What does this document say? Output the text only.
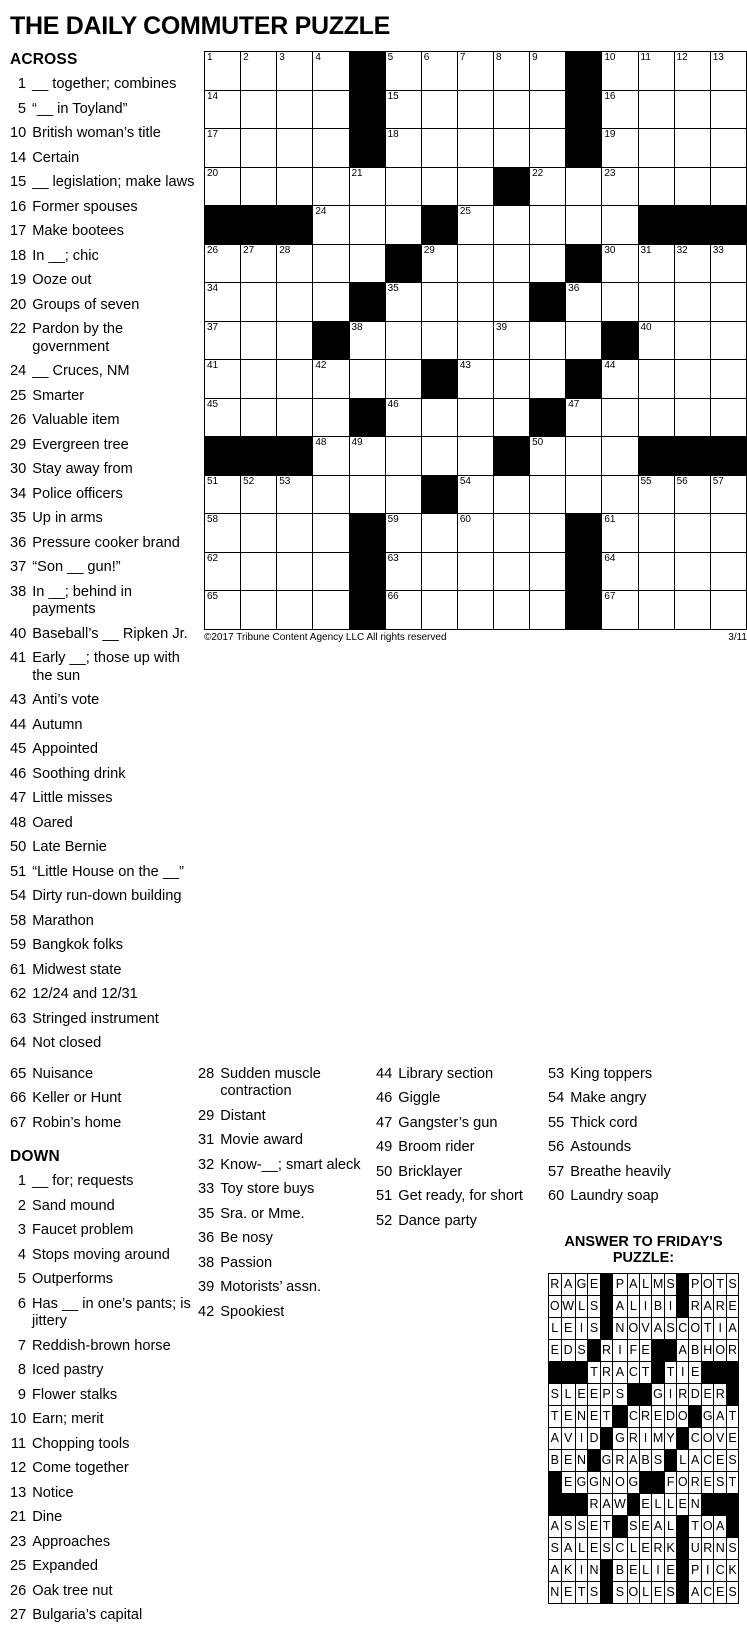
THE DAILY COMMUTER PUZZLE
ACROSS
1 __ together; combines
5 “__ in Toyland”
10 British woman’s title
14 Certain
15 __ legislation; make laws
16 Former spouses
17 Make bootees
18 In __; chic
19 Ooze out
20 Groups of seven
22 Pardon by the government
24 __ Cruces, NM
25 Smarter
26 Valuable item
29 Evergreen tree
30 Stay away from
34 Police officers
35 Up in arms
36 Pressure cooker brand
37 “Son __ gun!”
38 In __; behind in payments
40 Baseball’s __ Ripken Jr.
41 Early __; those up with the sun
43 Anti’s vote
44 Autumn
45 Appointed
46 Soothing drink
47 Little misses
48 Oared
50 Late Bernie
51 “Little House on the __”
54 Dirty run-down building
58 Marathon
59 Bangkok folks
61 Midwest state
62 12/24 and 12/31
63 Stringed instrument
64 Not closed
1	2	3	4		5	6	7	8	9		10	11	12	13

14					15						16			

17					18						19			

20				21					22		23			

			24				25							

26	27	28				29					30	31	32	33

34					35					36				

37				38				39				40		

41			42				43				44			

45					46					47				

			48	49					50					

51	52	53					54					55	56	57

58					59		60				61			

62					63						64			

65					66						67			

©2017 Tribune Content Agency LLC All rights reserved	3/11
65 Nuisance
66 Keller or Hunt
67 Robin’s home
DOWN
1 __ for; requests
2 Sand mound
3 Faucet problem
4 Stops moving around
5 Outperforms
6 Has __ in one’s pants; is jittery
7 Reddish-brown horse
8 Iced pastry
9 Flower stalks
10 Earn; merit
11 Chopping tools
12 Come together
13 Notice
21 Dine
23 Approaches
25 Expanded
26 Oak tree nut
27 Bulgaria’s capital
28 Sudden muscle contraction
29 Distant
31 Movie award
32 Know-__; smart aleck
33 Toy store buys
35 Sra. or Mme.
36 Be nosy
38 Passion
39 Motorists’ assn.
42 Spookiest
44 Library section
46 Giggle
47 Gangster’s gun
49 Broom rider
50 Bricklayer
51 Get ready, for short
52 Dance party
53 King toppers
54 Make angry
55 Thick cord
56 Astounds
57 Breathe heavily
60 Laundry soap
ANSWER TO FRIDAY'S PUZZLE:
R	A	G	E		P	A	L	M	S		P	O	T	S
O	W	L	S		A	L	I	B	I		R	A	R	E
L	E	I	S		N	O	V	A	S	C	O	T	I	A
E	D	S		R	I	F	E			A	B	H	O	R
			T	R	A	C	T		T	I	E			
S	L	E	E	P	S			G	I	R	D	E	R	
T	E	N	E	T		C	R	E	D	O		G	A	T
A	V	I	D		G	R	I	M	Y		C	O	V	E
B	E	N		G	R	A	B	S		L	A	C	E	S
	E	G	G	N	O	G			F	O	R	E	S	T
			R	A	W		E	L	L	E	N			
A	S	S	E	T		S	E	A	L		T	O	A	
S	A	L	E	S	C	L	E	R	K		U	R	N	S
A	K	I	N		B	E	L	I	E		P	I	C	K
N	E	T	S		S	O	L	E	S		A	C	E	S
